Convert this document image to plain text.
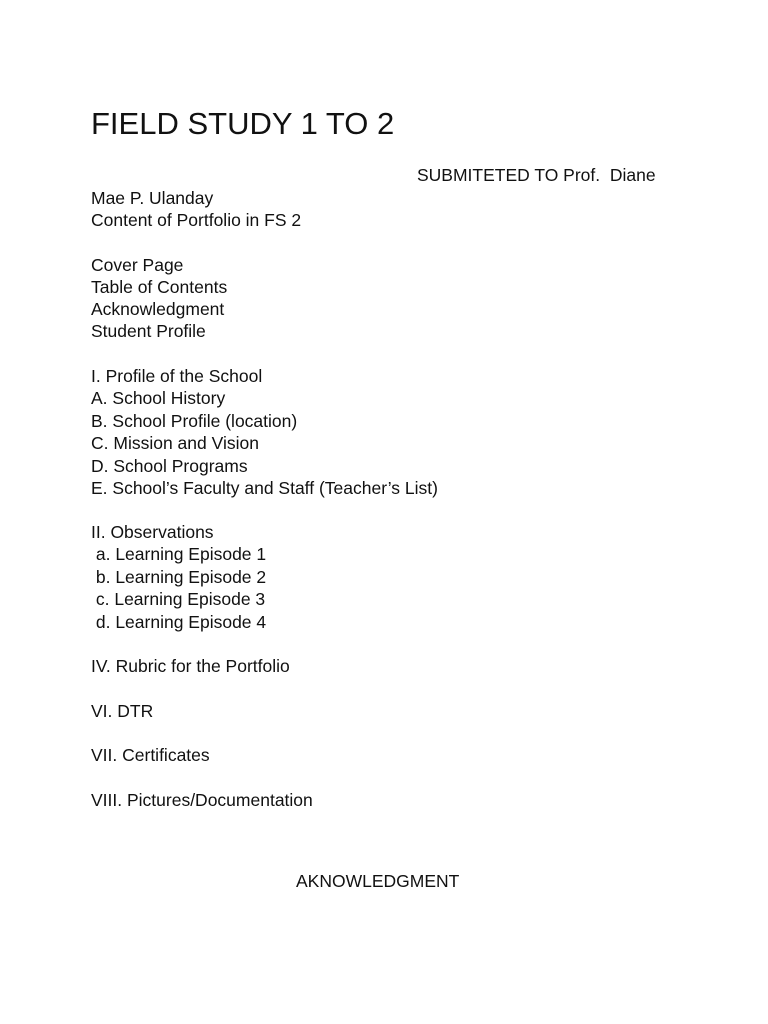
FIELD STUDY 1 TO 2
SUBMITETED TO Prof.  Diane
Mae P. Ulanday
Content of Portfolio in FS 2
Cover Page
Table of Contents
Acknowledgment
Student Profile
I. Profile of the School
A. School History
B. School Profile (location)
C. Mission and Vision
D. School Programs
E. School’s Faculty and Staff (Teacher’s List)
II. Observations
a. Learning Episode 1
b. Learning Episode 2
c. Learning Episode 3
d. Learning Episode 4
IV. Rubric for the Portfolio
VI. DTR
VII. Certificates
VIII. Pictures/Documentation
AKNOWLEDGMENT
